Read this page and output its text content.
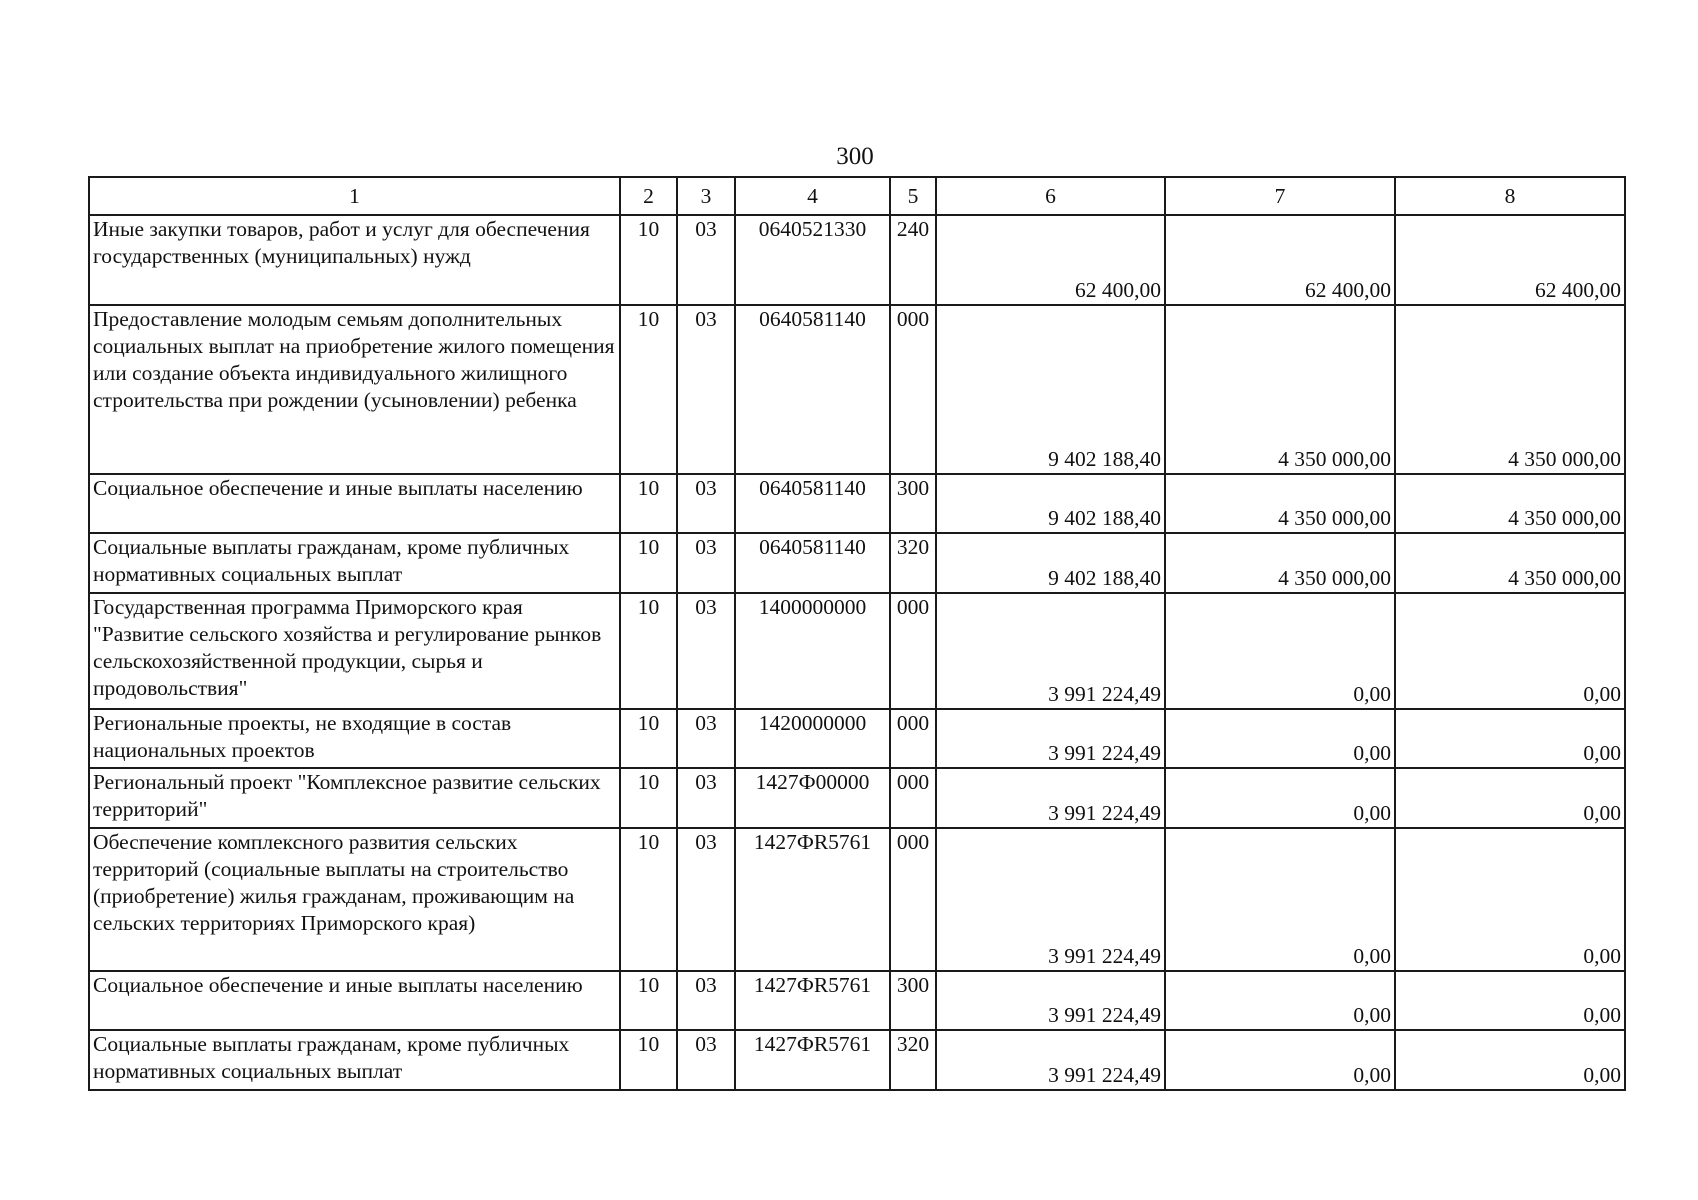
300
1	2	3	4	5	6	7	8
Иные закупки товаров, работ и услуг для обеспечения государственных (муниципальных) нужд	10	03	0640521330	240	62 400,00	62 400,00	62 400,00
Предоставление молодым семьям дополнительных социальных выплат на приобретение жилого помещения или создание объекта индивидуального жилищного строительства при рождении (усыновлении) ребенка	10	03	0640581140	000	9 402 188,40	4 350 000,00	4 350 000,00
Социальное обеспечение и иные выплаты населению	10	03	0640581140	300	9 402 188,40	4 350 000,00	4 350 000,00
Социальные выплаты гражданам, кроме публичных нормативных социальных выплат	10	03	0640581140	320	9 402 188,40	4 350 000,00	4 350 000,00
Государственная программа Приморского края "Развитие сельского хозяйства и регулирование рынков сельскохозяйственной продукции, сырья и продовольствия"	10	03	1400000000	000	3 991 224,49	0,00	0,00
Региональные проекты, не входящие в состав национальных проектов	10	03	1420000000	000	3 991 224,49	0,00	0,00
Региональный проект "Комплексное развитие сельских территорий"	10	03	1427Ф00000	000	3 991 224,49	0,00	0,00
Обеспечение комплексного развития сельских территорий (социальные выплаты на строительство (приобретение) жилья гражданам, проживающим на сельских территориях Приморского края)	10	03	1427ФR5761	000	3 991 224,49	0,00	0,00
Социальное обеспечение и иные выплаты населению	10	03	1427ФR5761	300	3 991 224,49	0,00	0,00
Социальные выплаты гражданам, кроме публичных нормативных социальных выплат	10	03	1427ФR5761	320	3 991 224,49	0,00	0,00
